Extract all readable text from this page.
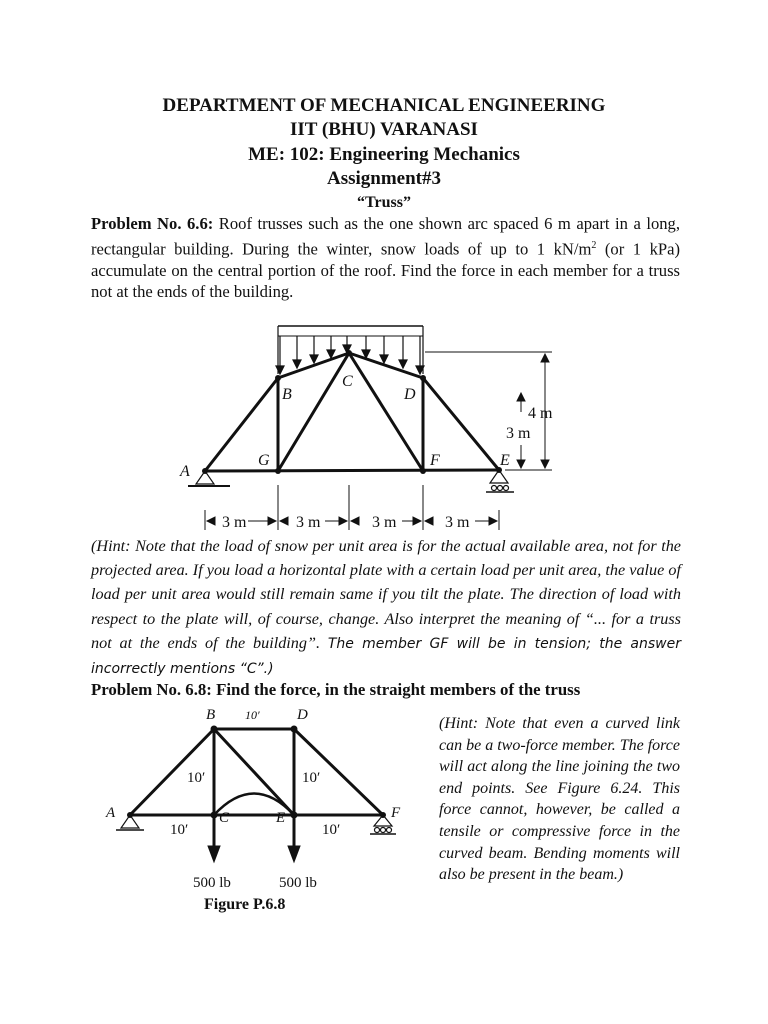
DEPARTMENT OF MECHANICAL ENGINEERING
IIT (BHU) VARANASI
ME: 102: Engineering Mechanics
Assignment#3
“Truss”
Problem No. 6.6: Roof trusses such as the one shown arc spaced 6 m apart in a long, rectangular building. During the winter, snow loads of up to 1 $kN/m^2$ (or 1 kPa) accumulate on the central portion of the roof. Find the force in each member for a truss not at the ends of the building.
A
B
C
D
E
F
G
4 m
3 m
3 m	3 m	3 m	3 m
(Hint: Note that the load of snow per unit area is for the actual available area, not for the projected area. If you load a horizontal plate with a certain load per unit area, the value of load per unit area would still remain same if you tilt the plate. The direction of load with respect to the plate will, of course, change. Also interpret the meaning of “... for a truss not at the ends of the building”. The member GF will be in tension; the answer incorrectly mentions “C”.)
Problem No. 6.8: Find the force, in the straight members of the truss
B	D
A	C	E	F
10′
10′	10′
10′	10′
500 lb	500 lb
Figure P.6.8
(Hint: Note that even a curved link can be a two-force member. The force will act along the line joining the two end points. See Figure 6.24. This force cannot, however, be called a tensile or compressive force in the curved beam. Bending moments will also be present in the beam.)
